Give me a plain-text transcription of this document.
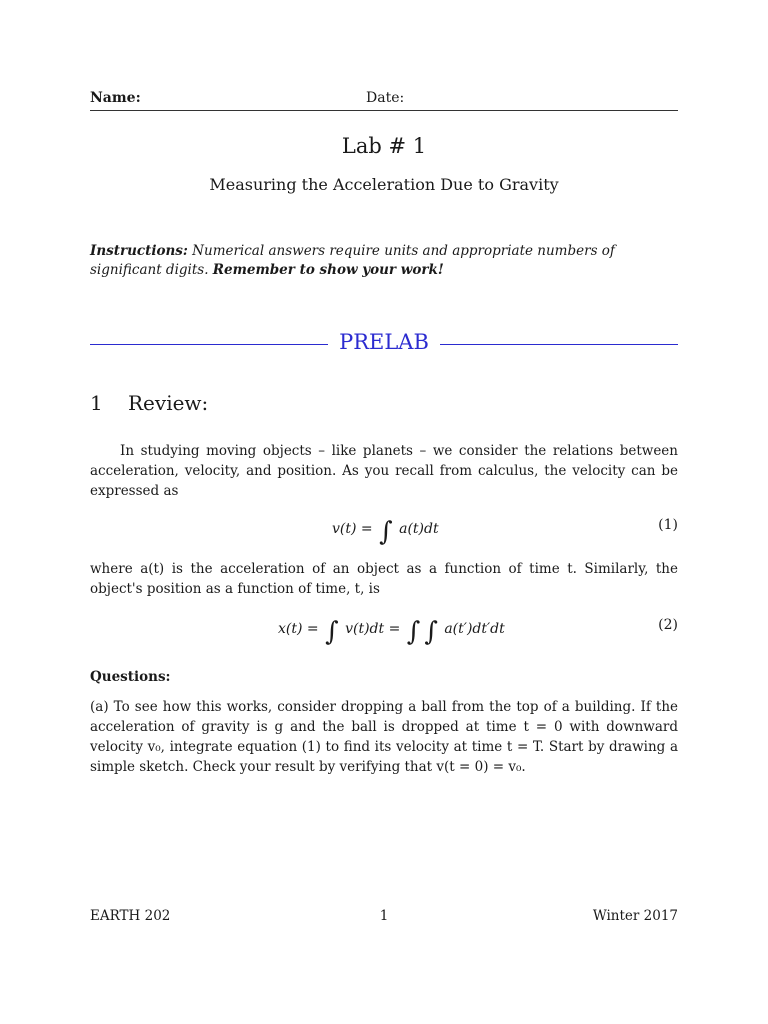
Name:	Date:
Lab # 1
Measuring the Acceleration Due to Gravity
Instructions: Numerical answers require units and appropriate numbers of significant digits. Remember to show your work!
PRELAB
1 Review:
In studying moving objects – like planets – we consider the relations between acceleration, velocity, and position. As you recall from calculus, the velocity can be expressed as
v(t) = ∫ a(t)dt	(1)
where a(t) is the acceleration of an object as a function of time t. Similarly, the object's position as a function of time, t, is
x(t) = ∫ v(t)dt = ∫ ∫ a(t′)dt′dt	(2)
Questions:
(a) To see how this works, consider dropping a ball from the top of a building. If the acceleration of gravity is g and the ball is dropped at time t = 0 with downward velocity v₀, integrate equation (1) to find its velocity at time t = T. Start by drawing a simple sketch. Check your result by verifying that v(t = 0) = v₀.
EARTH 202	1	Winter 2017
